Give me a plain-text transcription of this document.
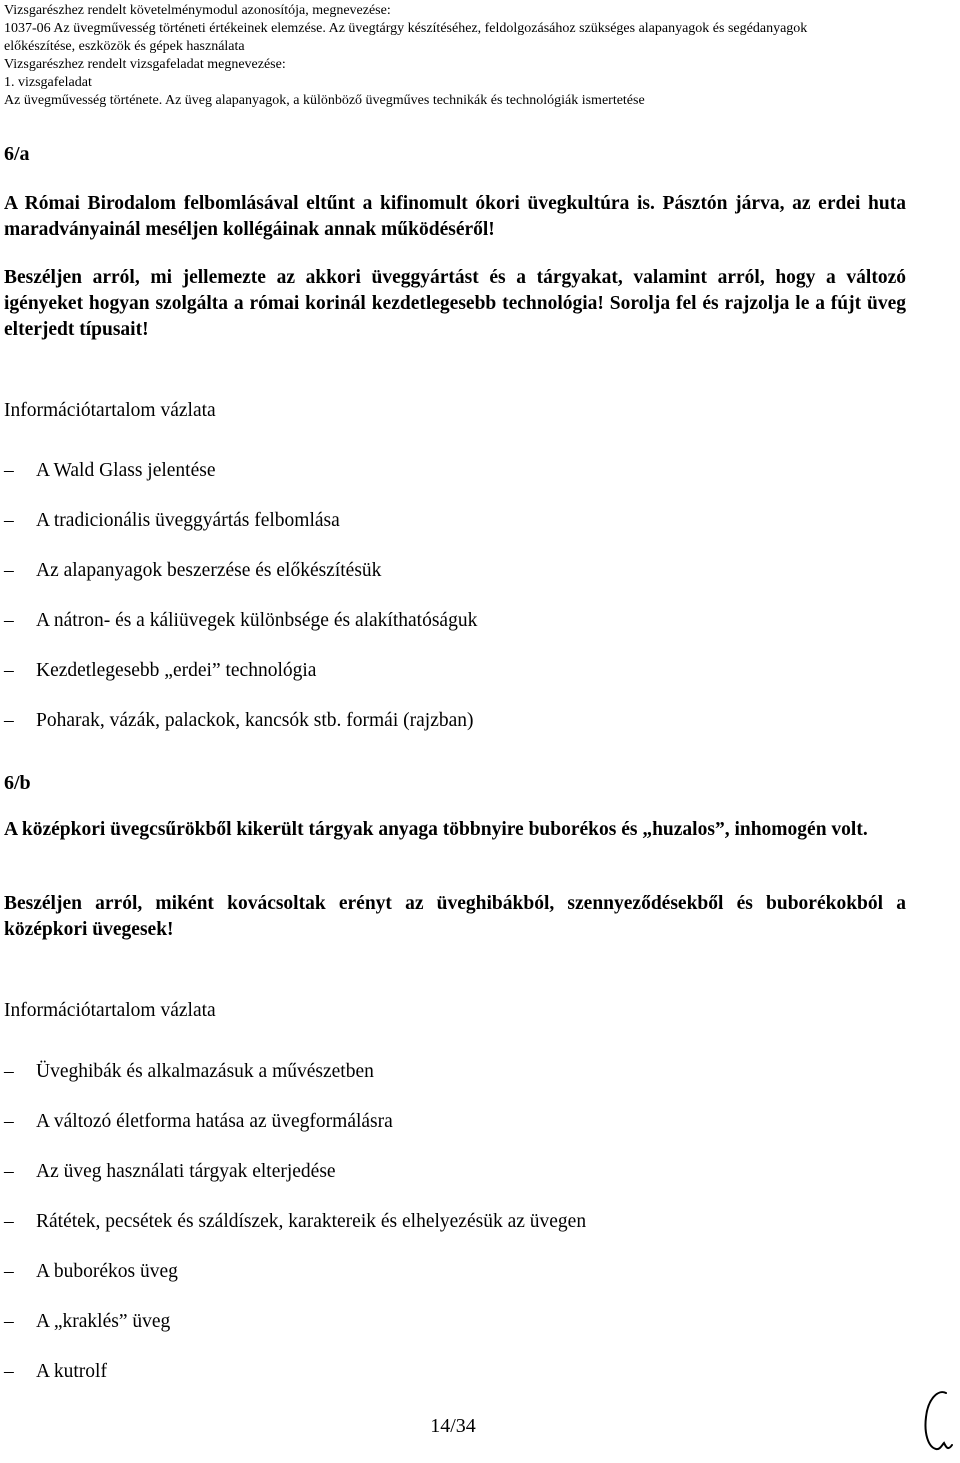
Vizsgarészhez rendelt követelménymodul azonosítója, megnevezése:
1037-06 Az üvegművesség történeti értékeinek elemzése. Az üvegtárgy készítéséhez, feldolgozásához szükséges alapanyagok és segédanyagok
előkészítése, eszközök és gépek használata
Vizsgarészhez rendelt vizsgafeladat megnevezése:
1. vizsgafeladat
Az üvegművesség története. Az üveg alapanyagok, a különböző üvegműves technikák és technológiák ismertetése
6/a
A Római Birodalom felbomlásával eltűnt a kifinomult ókori üvegkultúra is. Pásztón járva, az erdei huta maradványainál meséljen kollégáinak annak működéséről!
Beszéljen arról, mi jellemezte az akkori üveggyártást és a tárgyakat, valamint arról, hogy a változó igényeket hogyan szolgálta a római korinál kezdetlegesebb technológia! Sorolja fel és rajzolja le a fújt üveg elterjedt típusait!
Információtartalom vázlata
– A Wald Glass jelentése
– A tradicionális üveggyártás felbomlása
– Az alapanyagok beszerzése és előkészítésük
– A nátron- és a káliüvegek különbsége és alakíthatóságuk
– Kezdetlegesebb „erdei” technológia
– Poharak, vázák, palackok, kancsók stb. formái (rajzban)
6/b
A középkori üvegcsűrökből kikerült tárgyak anyaga többnyire buborékos és „huzalos”, inhomogén volt.
Beszéljen arról, miként kovácsoltak erényt az üveghibákból, szennyeződésekből és buborékokból a középkori üvegesek!
Információtartalom vázlata
– Üveghibák és alkalmazásuk a művészetben
– A változó életforma hatása az üvegformálásra
– Az üveg használati tárgyak elterjedése
– Rátétek, pecsétek és száldíszek, karaktereik és elhelyezésük az üvegen
– A buborékos üveg
– A „kraklés” üveg
– A kutrolf
14/34
